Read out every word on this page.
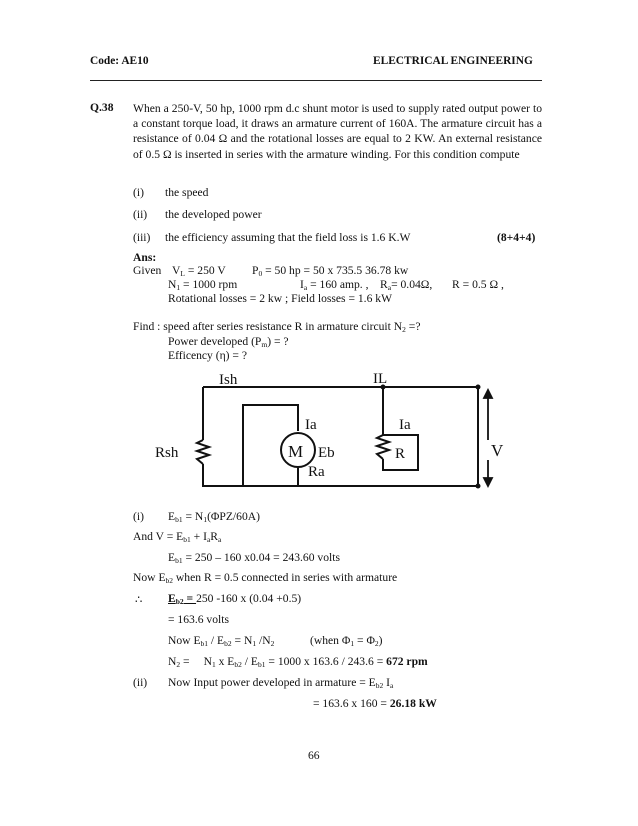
Code: AE10	ELECTRICAL ENGINEERING
Q.38 When a 250-V, 50 hp, 1000 rpm d.c shunt motor is used to supply rated output power to a constant torque load, it draws an armature current of 160A. The armature circuit has a resistance of 0.04 Ω and the rotational losses are equal to 2 KW. An external resistance of 0.5 Ω is inserted in series with the armature winding. For this condition compute
(i) the speed
(ii) the developed power
(iii) the efficiency assuming that the field loss is 1.6 K.W	(8+4+4)
Ans:
Given $V_L = 250$ V $P_0 = 50$ hp = 50 x 735.5 36.78 kw
$N_1 = 1000$ rpm	$I_a = 160$ amp. , $R_a= 0.04\Omega$, R = 0.5 Ω ,
Rotational losses = 2 kw ; Field losses = 1.6 kW
Find : speed after series resistance R in armature circuit $N_2$ =?
Power developed $(P_m)$ = ?
Efficency (η) = ?
Ish	IL
Rsh
Ia
M Eb
Ra
Ia
R	V
(i) $E_{b1} = N_1(\Phi PZ/60A)$
And $V = E_{b1} + I_aR_a$
$E_{b1} = 250 - 160$ x0.04 = 243.60 volts
Now $E_{b2}$ when R = 0.5 connected in series with armature
∴ $E_{b2} = 250$ -160 x (0.04 +0.5)
= 163.6 volts
Now $E_{b1} / E_{b2} = N_1$ $/N_2$	(when $\Phi_1 = \Phi_2$)
$N_2 = N_1$ x $E_{b2} / E_{b1} = 1000$ x 163.6 / 243.6 = 672 rpm
(ii) Now Input power developed in armature = $E_{b2}$ $I_a$
= 163.6 x 160 = 26.18 kW
66
